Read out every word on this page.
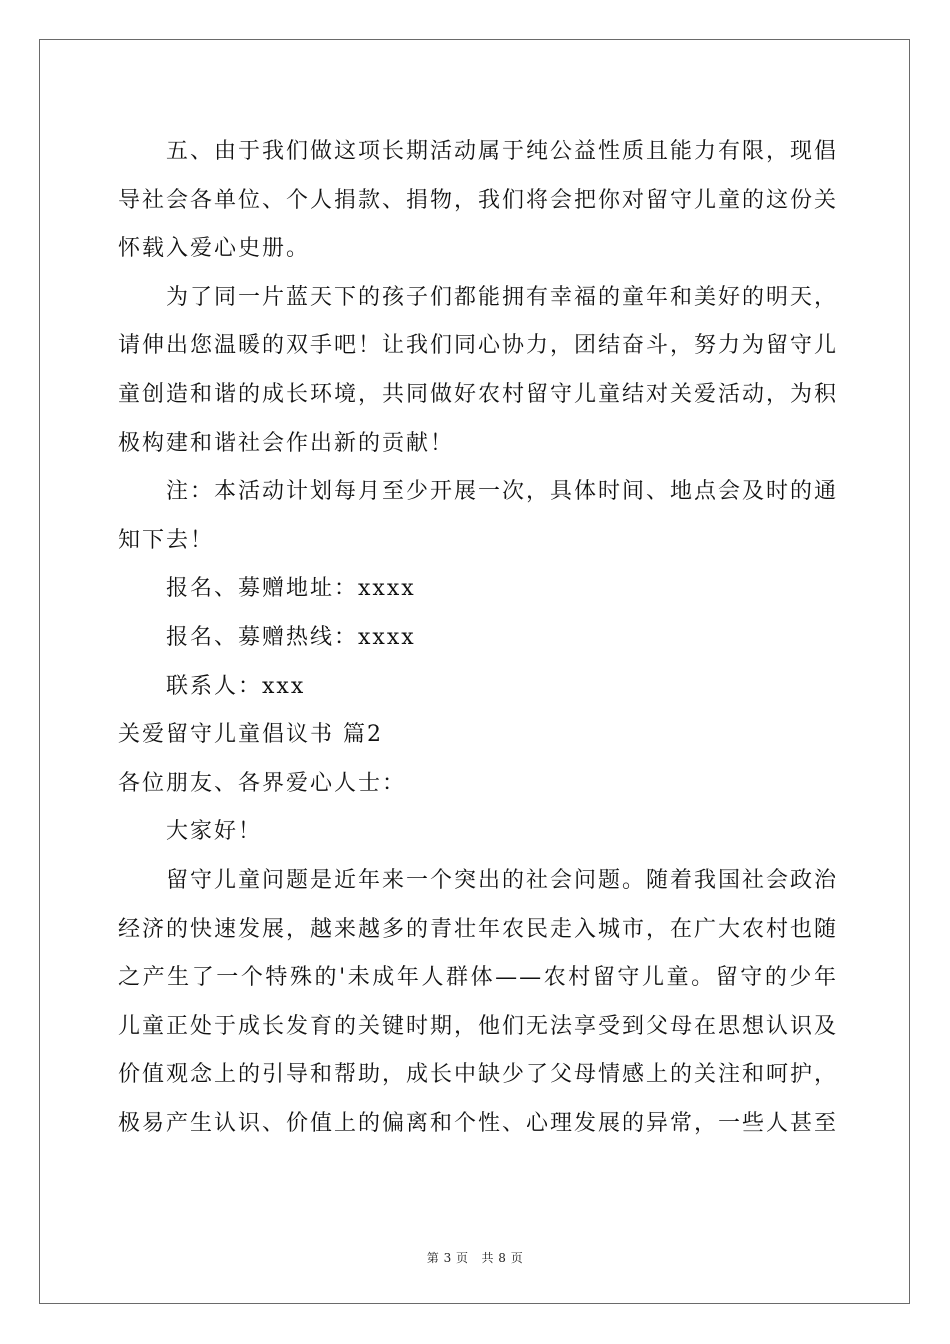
五、由于我们做这项长期活动属于纯公益性质且能力有限，现倡导社会各单位、个人捐款、捐物，我们将会把你对留守儿童的这份关怀载入爱心史册。

为了同一片蓝天下的孩子们都能拥有幸福的童年和美好的明天，请伸出您温暖的双手吧！让我们同心协力，团结奋斗，努力为留守儿童创造和谐的成长环境，共同做好农村留守儿童结对关爱活动，为积极构建和谐社会作出新的贡献！

注：本活动计划每月至少开展一次，具体时间、地点会及时的通知下去！

报名、募赠地址：xxxx

报名、募赠热线：xxxx

联系人：xxx

关爱留守儿童倡议书 篇2

各位朋友、各界爱心人士：

大家好！

留守儿童问题是近年来一个突出的社会问题。随着我国社会政治经济的快速发展，越来越多的青壮年农民走入城市，在广大农村也随之产生了一个特殊的'未成年人群体——农村留守儿童。留守的少年儿童正处于成长发育的关键时期，他们无法享受到父母在思想认识及价值观念上的引导和帮助，成长中缺少了父母情感上的关注和呵护，极易产生认识、价值上的偏离和个性、心理发展的异常，一些人甚至

第 3 页 共 8 页
